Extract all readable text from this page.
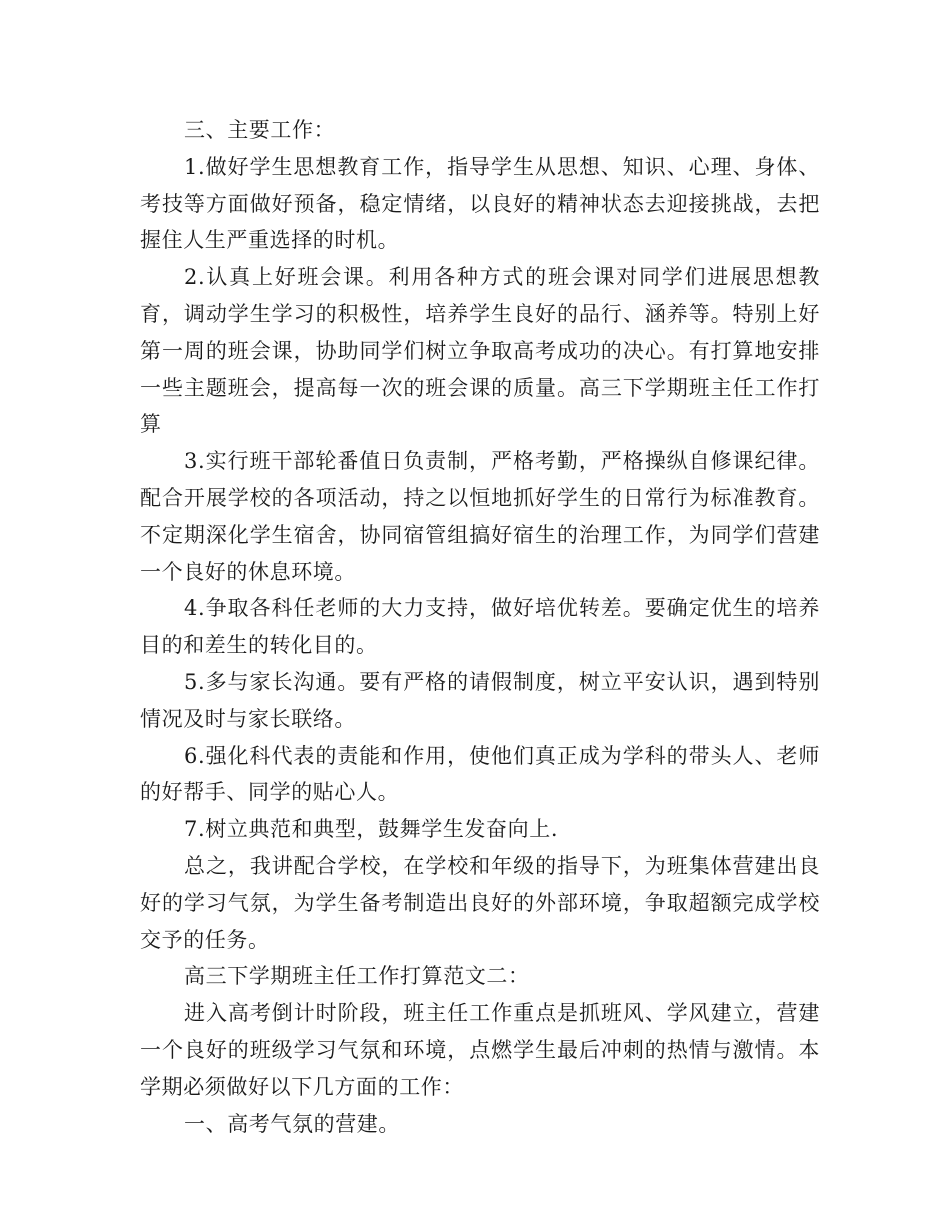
三、主要工作：

1.做好学生思想教育工作，指导学生从思想、知识、心理、身体、考技等方面做好预备，稳定情绪，以良好的精神状态去迎接挑战，去把握住人生严重选择的时机。

2.认真上好班会课。利用各种方式的班会课对同学们进展思想教育，调动学生学习的积极性，培养学生良好的品行、涵养等。特别上好第一周的班会课，协助同学们树立争取高考成功的决心。有打算地安排一些主题班会，提高每一次的班会课的质量。高三下学期班主任工作打算

3.实行班干部轮番值日负责制，严格考勤，严格操纵自修课纪律。配合开展学校的各项活动，持之以恒地抓好学生的日常行为标准教育。不定期深化学生宿舍，协同宿管组搞好宿生的治理工作，为同学们营建一个良好的休息环境。

4.争取各科任老师的大力支持，做好培优转差。要确定优生的培养目的和差生的转化目的。

5.多与家长沟通。要有严格的请假制度，树立平安认识，遇到特别情况及时与家长联络。

6.强化科代表的责能和作用，使他们真正成为学科的带头人、老师的好帮手、同学的贴心人。

7.树立典范和典型，鼓舞学生发奋向上.

总之，我讲配合学校，在学校和年级的指导下，为班集体营建出良好的学习气氛，为学生备考制造出良好的外部环境，争取超额完成学校交予的任务。

高三下学期班主任工作打算范文二：

进入高考倒计时阶段，班主任工作重点是抓班风、学风建立，营建一个良好的班级学习气氛和环境，点燃学生最后冲刺的热情与激情。本学期必须做好以下几方面的工作：

一、高考气氛的营建。
